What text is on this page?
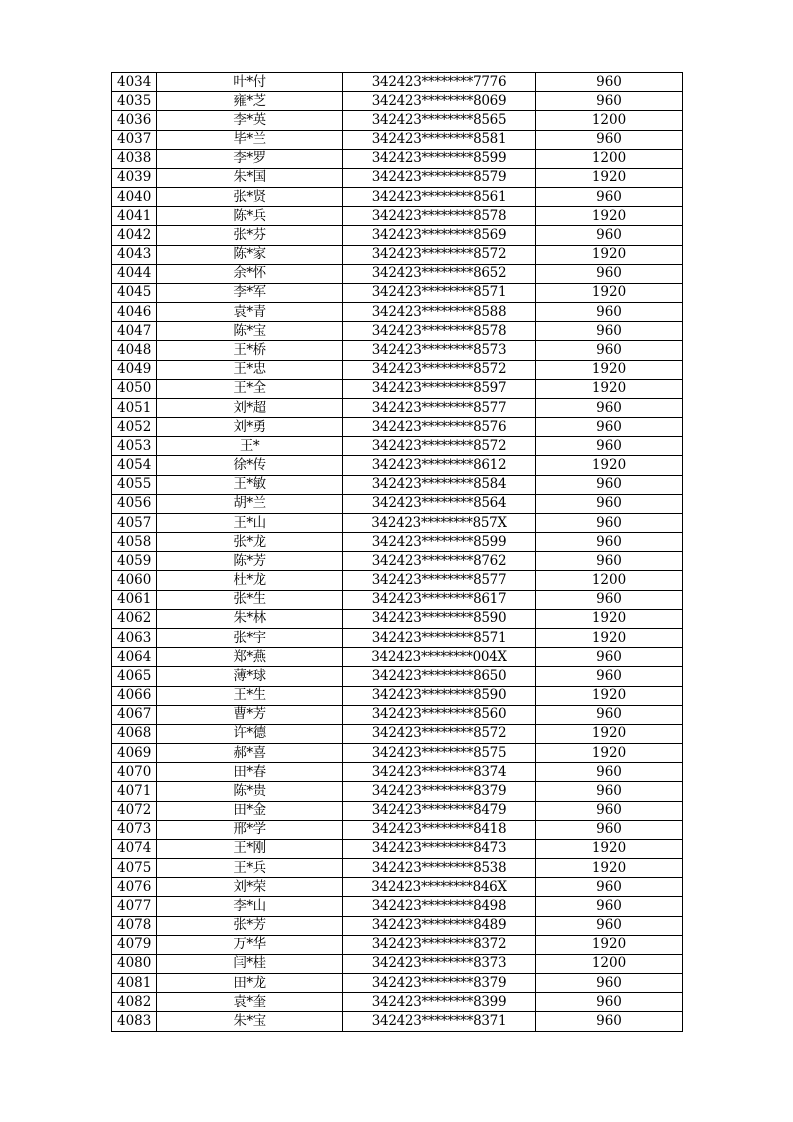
4034	叶*付	342423********7776	960
4035	雍*芝	342423********8069	960
4036	李*英	342423********8565	1200
4037	毕*兰	342423********8581	960
4038	李*罗	342423********8599	1200
4039	朱*国	342423********8579	1920
4040	张*贤	342423********8561	960
4041	陈*兵	342423********8578	1920
4042	张*芬	342423********8569	960
4043	陈*家	342423********8572	1920
4044	余*怀	342423********8652	960
4045	李*军	342423********8571	1920
4046	袁*青	342423********8588	960
4047	陈*宝	342423********8578	960
4048	王*桥	342423********8573	960
4049	王*忠	342423********8572	1920
4050	王*全	342423********8597	1920
4051	刘*超	342423********8577	960
4052	刘*勇	342423********8576	960
4053	王*	342423********8572	960
4054	徐*传	342423********8612	1920
4055	王*敏	342423********8584	960
4056	胡*兰	342423********8564	960
4057	王*山	342423********857X	960
4058	张*龙	342423********8599	960
4059	陈*芳	342423********8762	960
4060	杜*龙	342423********8577	1200
4061	张*生	342423********8617	960
4062	朱*林	342423********8590	1920
4063	张*宇	342423********8571	1920
4064	郑*燕	342423********004X	960
4065	薄*球	342423********8650	960
4066	王*生	342423********8590	1920
4067	曹*芳	342423********8560	960
4068	许*德	342423********8572	1920
4069	郝*喜	342423********8575	1920
4070	田*春	342423********8374	960
4071	陈*贵	342423********8379	960
4072	田*金	342423********8479	960
4073	邢*学	342423********8418	960
4074	王*刚	342423********8473	1920
4075	王*兵	342423********8538	1920
4076	刘*荣	342423********846X	960
4077	李*山	342423********8498	960
4078	张*芳	342423********8489	960
4079	万*华	342423********8372	1920
4080	闫*桂	342423********8373	1200
4081	田*龙	342423********8379	960
4082	袁*奎	342423********8399	960
4083	朱*宝	342423********8371	960
